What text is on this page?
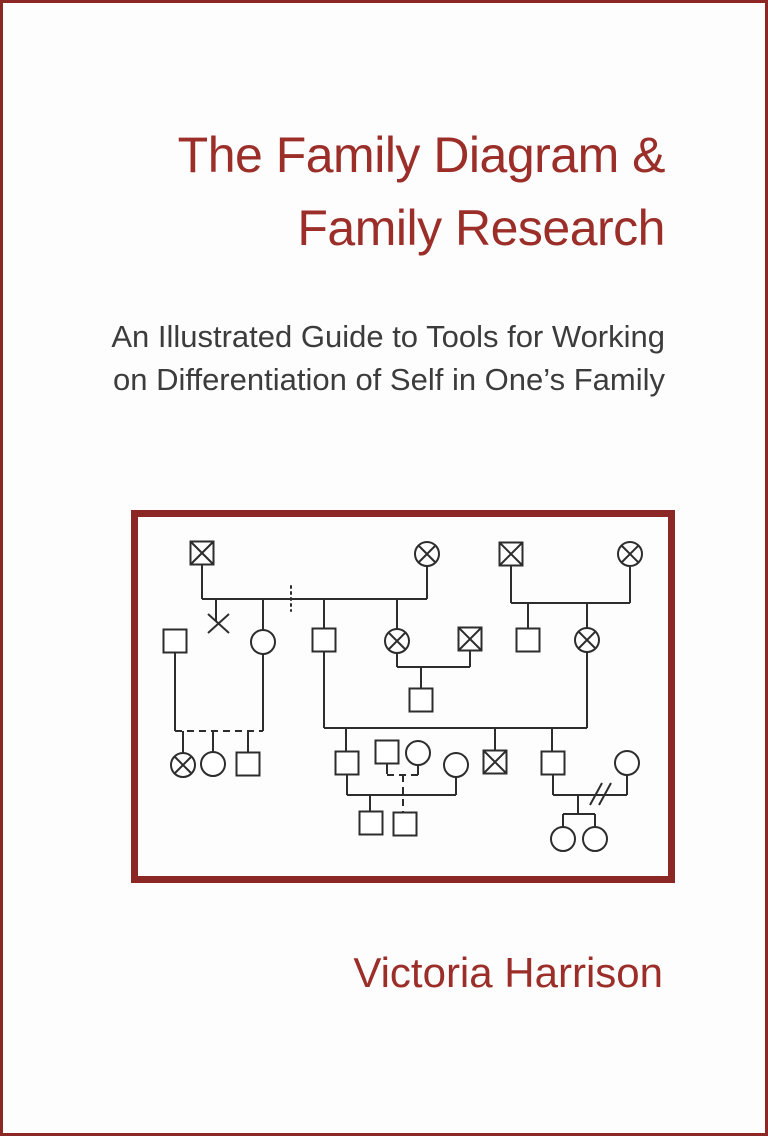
The Family Diagram &
Family Research
An Illustrated Guide to Tools for Working
on Differentiation of Self in One’s Family
Victoria Harrison
